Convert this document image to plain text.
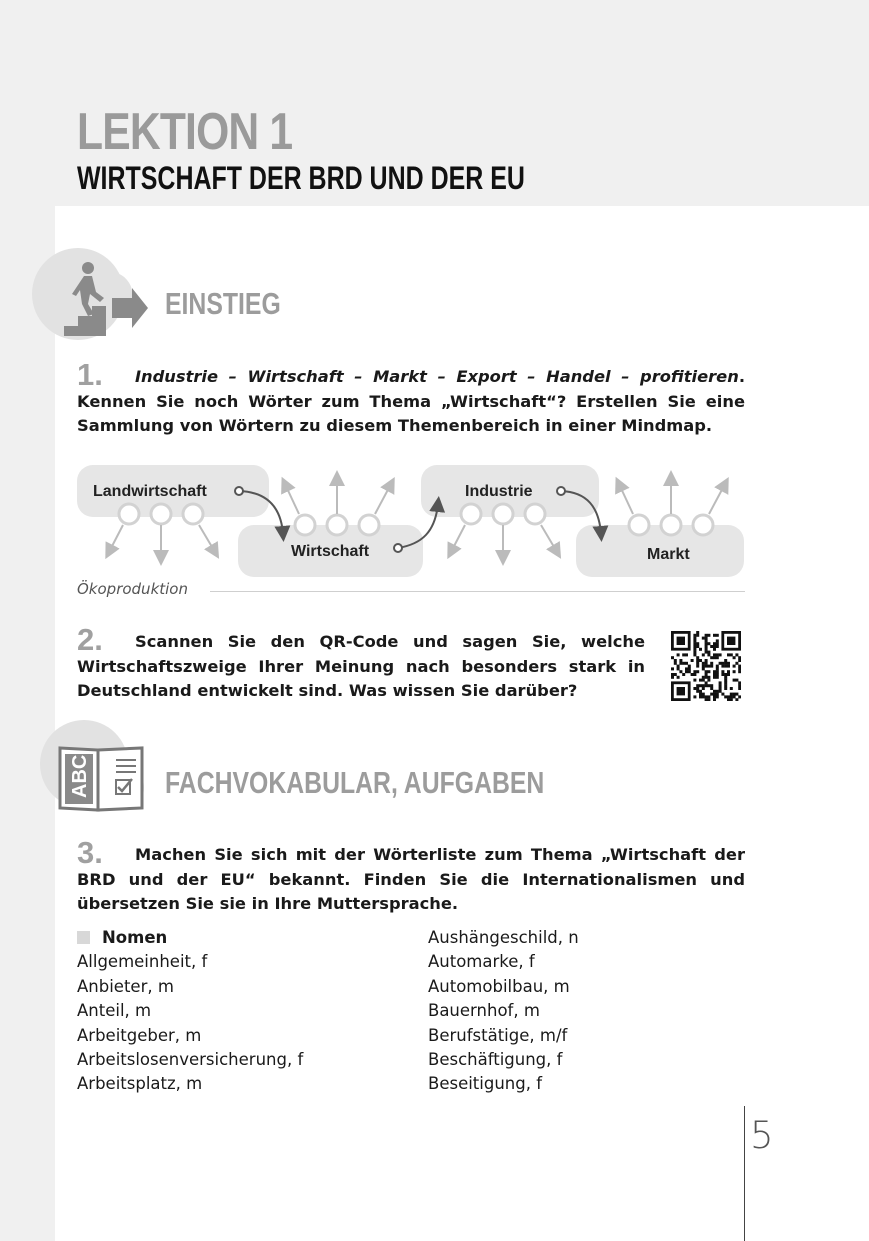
LEKTION 1
WIRTSCHAFT DER BRD UND DER EU
EINSTIEG
1. Industrie – Wirtschaft – Markt – Export – Handel – profitieren. Kennen Sie noch Wörter zum Thema „Wirtschaft“? Erstellen Sie eine Sammlung von Wörtern zu diesem Themenbereich in einer Mindmap.
Landwirtschaft
Wirtschaft
Industrie
Markt
Ökoproduktion
2. Scannen Sie den QR-Code und sagen Sie, welche Wirtschaftszweige Ihrer Meinung nach besonders stark in Deutschland entwickelt sind. Was wissen Sie darüber?
ABC FACHVOKABULAR, AUFGABEN
3. Machen Sie sich mit der Wörterliste zum Thema „Wirtschaft der BRD und der EU“ bekannt. Finden Sie die Internationalismen und übersetzen Sie sie in Ihre Muttersprache.
Nomen
Allgemeinheit, f
Anbieter, m
Anteil, m
Arbeitgeber, m
Arbeitslosenversicherung, f
Arbeitsplatz, m
Aushängeschild, n
Automarke, f
Automobilbau, m
Bauernhof, m
Berufstätige, m/f
Beschäftigung, f
Beseitigung, f
5
